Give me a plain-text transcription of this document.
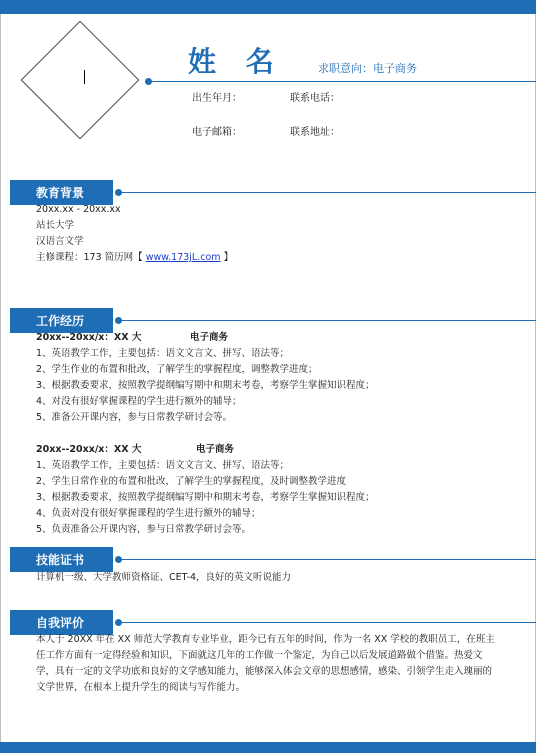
姓 名	求职意向：电子商务
出生年月：	联系电话：
电子邮箱：	联系地址：
教育背景
20xx.xx - 20xx.xx
站长大学
汉语言文学
主修课程：173 简历网【 www.173jL.com 】
工作经历
20xx--20xx/x：XX 大	电子商务
1、英语教学工作，主要包括：语文文言文、拼写、语法等；
2、学生作业的布置和批改，了解学生的掌握程度，调整教学进度；
3、根据教委要求，按照教学提纲编写期中和期末考卷，考察学生掌握知识程度；
4、对没有很好掌握课程的学生进行额外的辅导；
5、准备公开课内容，参与日常教学研讨会等。
20xx--20xx/x：XX 大	电子商务
1、英语教学工作，主要包括：语文文言文、拼写、语法等；
2、学生日常作业的布置和批改，了解学生的掌握程度，及时调整教学进度
3、根据教委要求，按照教学提纲编写期中和期末考卷，考察学生掌握知识程度；
4、负责对没有很好掌握课程的学生进行额外的辅导；
5、负责准备公开课内容，参与日常教学研讨会等。
技能证书
计算机一级、大学教师资格证、CET-4，良好的英文听说能力
自我评价
本人于 20XX 年在 XX 师范大学教育专业毕业，距今已有五年的时间，作为一名 XX 学校的教职员工，在班主任工作方面有一定得经验和知识，下面就这几年的工作做一个鉴定，为自己以后发展道路做个借鉴。热爱文学，具有一定的文学功底和良好的文学感知能力，能够深入体会文章的思想感情，感染、引领学生走入瑰丽的文学世界，在根本上提升学生的阅读与写作能力。
